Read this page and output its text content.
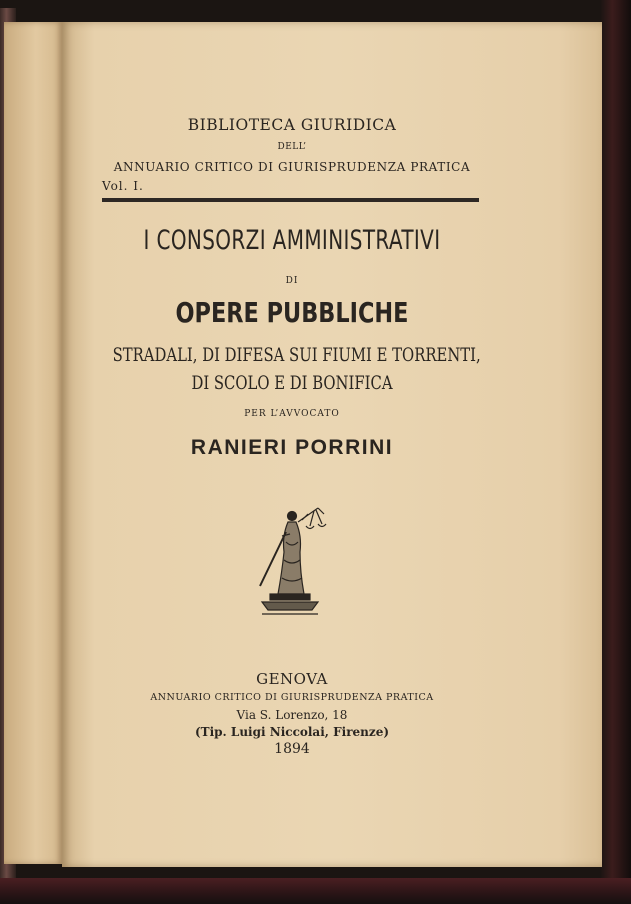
BIBLIOTECA GIURIDICA
DELL’
ANNUARIO CRITICO DI GIURISPRUDENZA PRATICA
Vol. I.
I CONSORZI AMMINISTRATIVI
DI
OPERE PUBBLICHE
STRADALI, DI DIFESA SUI FIUMI E TORRENTI,
DI SCOLO E DI BONIFICA
PER L’AVVOCATO
RANIERI PORRINI
GENOVA
ANNUARIO CRITICO DI GIURISPRUDENZA PRATICA
Via S. Lorenzo, 18
(Tip. Luigi Niccolai, Firenze)
1894
